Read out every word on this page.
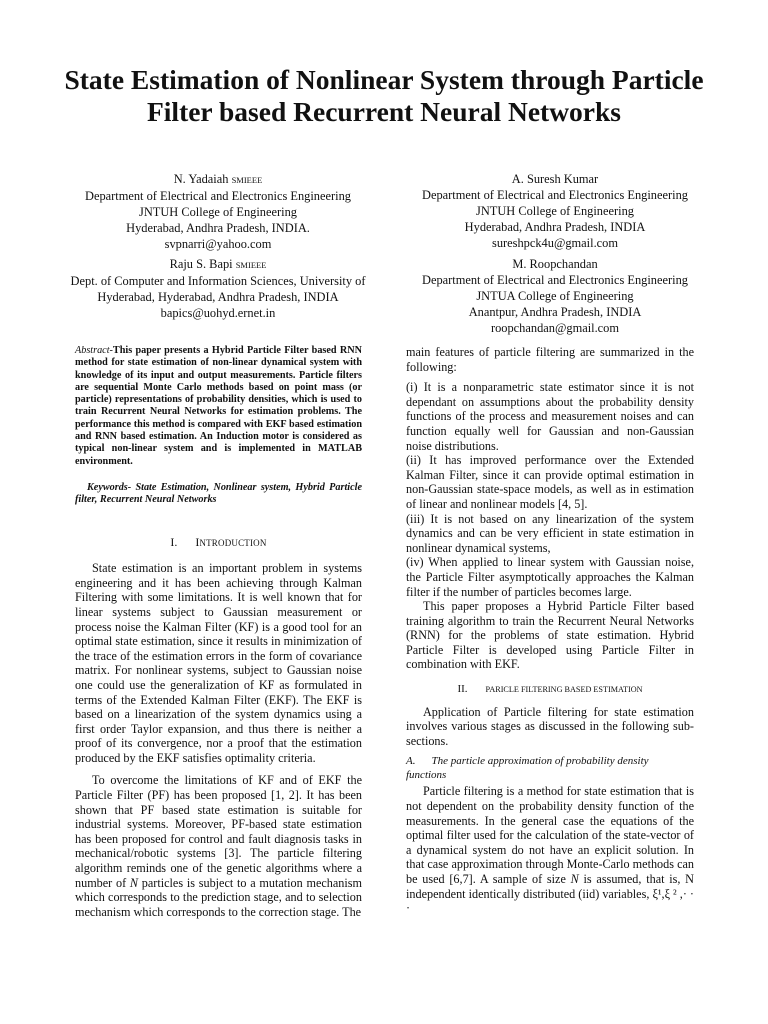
State Estimation of Nonlinear System through Particle Filter based Recurrent Neural Networks
N. Yadaiah SMIEEE
Department of Electrical and Electronics Engineering
JNTUH College of Engineering
Hyderabad, Andhra Pradesh, INDIA.
svpnarri@yahoo.com
A. Suresh Kumar
Department of Electrical and Electronics Engineering
JNTUH College of Engineering
Hyderabad, Andhra Pradesh, INDIA
sureshpck4u@gmail.com
Raju S. Bapi SMIEEE
Dept. of Computer and Information Sciences, University of
Hyderabad, Hyderabad, Andhra Pradesh, INDIA
bapics@uohyd.ernet.in
M. Roopchandan
Department of Electrical and Electronics Engineering
JNTUA College of Engineering
Anantpur, Andhra Pradesh, INDIA
roopchandan@gmail.com
Abstract-This paper presents a Hybrid Particle Filter based RNN method for state estimation of non-linear dynamical system with knowledge of its input and output measurements. Particle filters are sequential Monte Carlo methods based on point mass (or particle) representations of probability densities, which is used to train Recurrent Neural Networks for estimation problems. The performance this method is compared with EKF based estimation and RNN based estimation. An Induction motor is considered as typical non-linear system and is implemented in MATLAB environment.
Keywords- State Estimation, Nonlinear system, Hybrid Particle filter, Recurrent Neural Networks
I. INTRODUCTION

State estimation is an important problem in systems engineering and it has been achieving through Kalman Filtering with some limitations. It is well known that for linear systems subject to Gaussian measurement or process noise the Kalman Filter (KF) is a good tool for an optimal state estimation, since it results in minimization of the trace of the estimation errors in the form of covariance matrix. For nonlinear systems, subject to Gaussian noise one could use the generalization of KF as formulated in terms of the Extended Kalman Filter (EKF). The EKF is based on a linearization of the system dynamics using a first order Taylor expansion, and thus there is neither a proof of its convergence, nor a proof that the estimation produced by the EKF satisfies optimality criteria.

To overcome the limitations of KF and of EKF the Particle Filter (PF) has been proposed [1, 2]. It has been shown that PF based state estimation is suitable for industrial systems. Moreover, PF-based state estimation has been proposed for control and fault diagnosis tasks in mechanical/robotic systems [3]. The particle filtering algorithm reminds one of the genetic algorithms where a number of N particles is subject to a mutation mechanism which corresponds to the prediction stage, and to selection mechanism which corresponds to the correction stage. The

main features of particle filtering are summarized in the following:

(i) It is a nonparametric state estimator since it is not dependant on assumptions about the probability density functions of the process and measurement noises and can function equally well for Gaussian and non-Gaussian noise distributions.

(ii) It has improved performance over the Extended Kalman Filter, since it can provide optimal estimation in non-Gaussian state-space models, as well as in estimation of linear and nonlinear models [4, 5].

(iii) It is not based on any linearization of the system dynamics and can be very efficient in state estimation in nonlinear dynamical systems,

(iv) When applied to linear system with Gaussian noise, the Particle Filter asymptotically approaches the Kalman filter if the number of particles becomes large.

This paper proposes a Hybrid Particle Filter based training algorithm to train the Recurrent Neural Networks (RNN) for the problems of state estimation. Hybrid Particle Filter is developed using Particle Filter in combination with EKF.

II. PARICLE FILTERING BASED ESTIMATION

Application of Particle filtering for state estimation involves various stages as discussed in the following sub-sections.

A. The particle approximation of probability density
functions

Particle filtering is a method for state estimation that is not dependent on the probability density function of the measurements. In the general case the equations of the optimal filter used for the calculation of the state-vector of a dynamical system do not have an explicit solution. In that case approximation through Monte-Carlo methods can be used [6,7]. A sample of size N is assumed, that is, N independent identically distributed (iid) variables, ξ¹,ξ ² ,· · ·
